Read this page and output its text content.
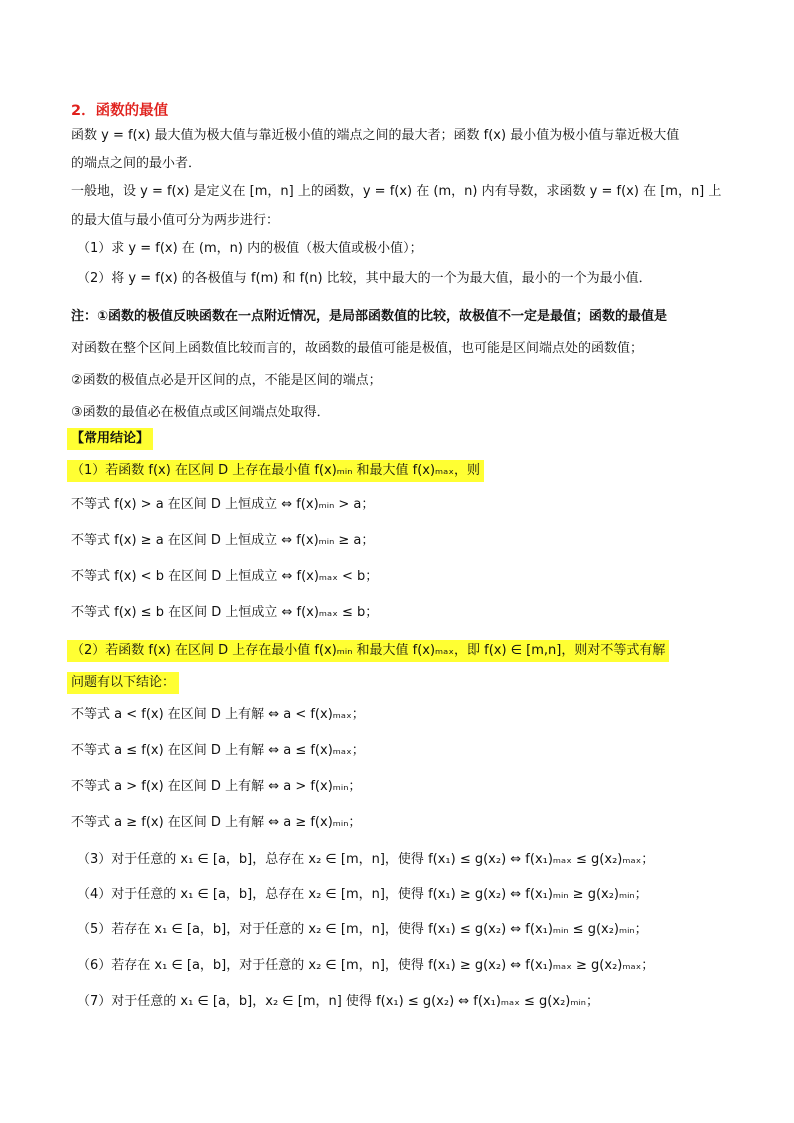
2．函数的最值
函数 y = f(x) 最大值为极大值与靠近极小值的端点之间的最大者；函数 f(x) 最小值为极小值与靠近极大值
的端点之间的最小者．
一般地，设 y = f(x) 是定义在 [m，n] 上的函数，y = f(x) 在 (m，n) 内有导数，求函数 y = f(x) 在 [m，n] 上
的最大值与最小值可分为两步进行：
（1）求 y = f(x) 在 (m，n) 内的极值（极大值或极小值）；
（2）将 y = f(x) 的各极值与 f(m) 和 f(n) 比较，其中最大的一个为最大值，最小的一个为最小值．
注：①函数的极值反映函数在一点附近情况，是局部函数值的比较，故极值不一定是最值；函数的最值是
对函数在整个区间上函数值比较而言的，故函数的最值可能是极值，也可能是区间端点处的函数值；
②函数的极值点必是开区间的点，不能是区间的端点；
③函数的最值必在极值点或区间端点处取得．
【常用结论】
（1）若函数 f(x) 在区间 D 上存在最小值 f(x)ₘᵢₙ 和最大值 f(x)ₘₐₓ，则
不等式 f(x) > a 在区间 D 上恒成立 ⇔ f(x)ₘᵢₙ > a；
不等式 f(x) ≥ a 在区间 D 上恒成立 ⇔ f(x)ₘᵢₙ ≥ a；
不等式 f(x) < b 在区间 D 上恒成立 ⇔ f(x)ₘₐₓ < b；
不等式 f(x) ≤ b 在区间 D 上恒成立 ⇔ f(x)ₘₐₓ ≤ b；
（2）若函数 f(x) 在区间 D 上存在最小值 f(x)ₘᵢₙ 和最大值 f(x)ₘₐₓ，即 f(x) ∈ [m,n]，则对不等式有解
问题有以下结论：
不等式 a < f(x) 在区间 D 上有解 ⇔ a < f(x)ₘₐₓ；
不等式 a ≤ f(x) 在区间 D 上有解 ⇔ a ≤ f(x)ₘₐₓ；
不等式 a > f(x) 在区间 D 上有解 ⇔ a > f(x)ₘᵢₙ；
不等式 a ≥ f(x) 在区间 D 上有解 ⇔ a ≥ f(x)ₘᵢₙ；
（3）对于任意的 x₁ ∈ [a，b]，总存在 x₂ ∈ [m，n]，使得 f(x₁) ≤ g(x₂) ⇔ f(x₁)ₘₐₓ ≤ g(x₂)ₘₐₓ；
（4）对于任意的 x₁ ∈ [a，b]，总存在 x₂ ∈ [m，n]，使得 f(x₁) ≥ g(x₂) ⇔ f(x₁)ₘᵢₙ ≥ g(x₂)ₘᵢₙ；
（5）若存在 x₁ ∈ [a，b]，对于任意的 x₂ ∈ [m，n]，使得 f(x₁) ≤ g(x₂) ⇔ f(x₁)ₘᵢₙ ≤ g(x₂)ₘᵢₙ；
（6）若存在 x₁ ∈ [a，b]，对于任意的 x₂ ∈ [m，n]，使得 f(x₁) ≥ g(x₂) ⇔ f(x₁)ₘₐₓ ≥ g(x₂)ₘₐₓ；
（7）对于任意的 x₁ ∈ [a，b]，x₂ ∈ [m，n] 使得 f(x₁) ≤ g(x₂) ⇔ f(x₁)ₘₐₓ ≤ g(x₂)ₘᵢₙ；
